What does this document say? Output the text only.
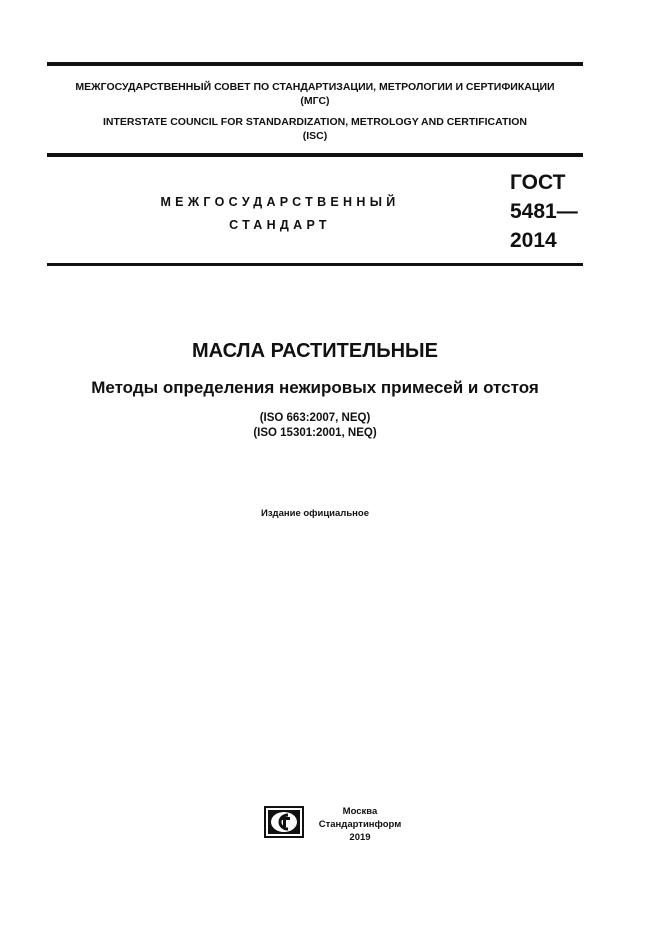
МЕЖГОСУДАРСТВЕННЫЙ СОВЕТ ПО СТАНДАРТИЗАЦИИ, МЕТРОЛОГИИ И СЕРТИФИКАЦИИ
(МГС)
INTERSTATE COUNCIL FOR STANDARDIZATION, METROLOGY AND CERTIFICATION
(ISC)
МЕЖГОСУДАРСТВЕННЫЙ
СТАНДАРТ
ГОСТ
5481—
2014
МАСЛА РАСТИТЕЛЬНЫЕ
Методы определения нежировых примесей и отстоя
(ISO 663:2007, NEQ)
(ISO 15301:2001, NEQ)
Издание официальное
Москва
Стандартинформ
2019
